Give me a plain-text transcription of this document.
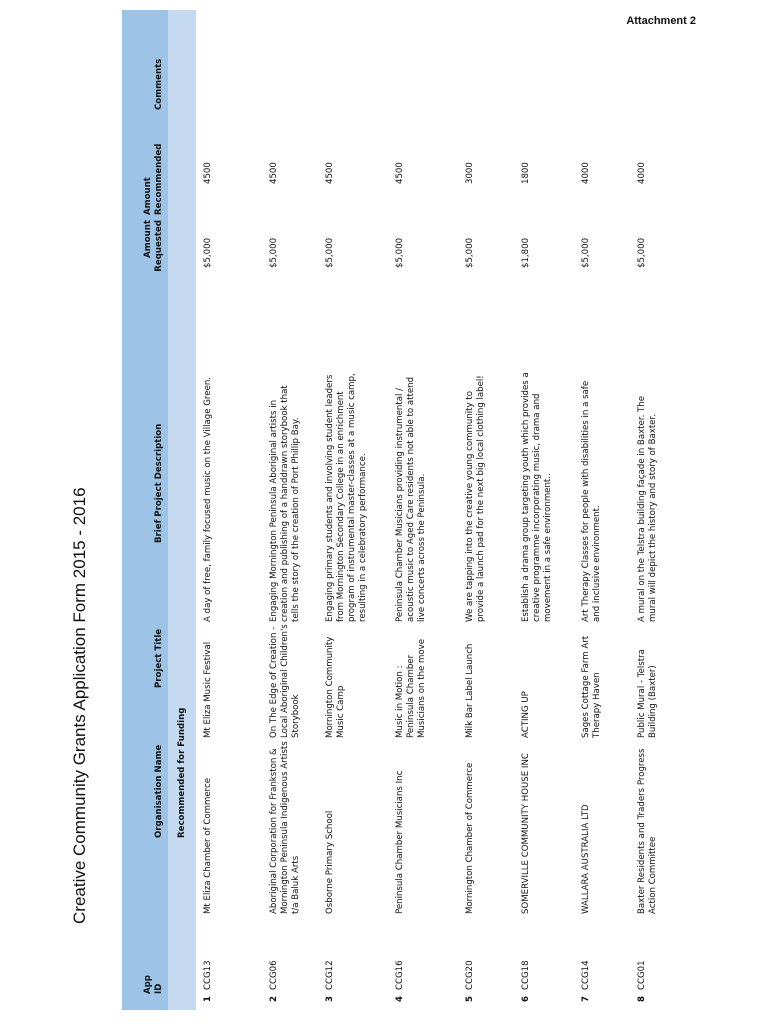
Attachment 2
Creative Community Grants Application Form 2015 - 2016
App ID
Organisation Name
Project Title
Brief Project Description
Amount Requested
Amount Recommended
Comments
Recommended for Funding
1
CCG13
Mt Eliza Chamber of Commerce
Mt Eliza Music Festival
A day of free, family focused music on the Village Green.
$5,000
4500
2
CCG06
Aboriginal Corporation for Frankston & Mornington Peninsula Indigenous Artists t/a Baluk Arts
On The Edge of Creation - Local Aboriginal Children's Storybook
Engaging Mornington Peninsula Aboriginal artists in creation and publishing of a handdrawn storybook that tells the story of the creation of Port Phillip Bay.
$5,000
4500
3
CCG12
Osborne Primary School
Mornington Community Music Camp
Engaging primary students and involving student leaders from Mornington Secondary College in an enrichment program of instrumental master-classes at a music camp, resulting in a celebratory performance.
$5,000
4500
4
CCG16
Peninsula Chamber Musicians Inc
Music in Motion : Peninsula Chamber Musicians on the move
Peninsula Chamber Musicians providing instrumental / acoustic music to Aged Care residents not able to attend live concerts across the Peninsula.
$5,000
4500
5
CCG20
Mornington Chamber of Commerce
Milk Bar Label Launch
We are tapping into the creative young community to provide a launch pad for the next big local clothing label!
$5,000
3000
6
CCG18
SOMERVILLE COMMUNITY HOUSE INC
ACTING UP
Establish a drama group targeting youth which provides a creative programme incorporating music, drama and movement in a safe environment..
$1,800
1800
7
CCG14
WALLARA AUSTRALIA LTD
Sages Cottage Farm Art Therapy Haven
Art Therapy Classes for people with disabilities in a safe and inclusive environment.
$5,000
4000
8
CCG01
Baxter Residents and Traders Progress Action Committee
Public Mural - Telstra Building (Baxter)
A mural on the Telstra building façade in Baxter. The mural will depict the history and story of Baxter.
$5,000
4000
